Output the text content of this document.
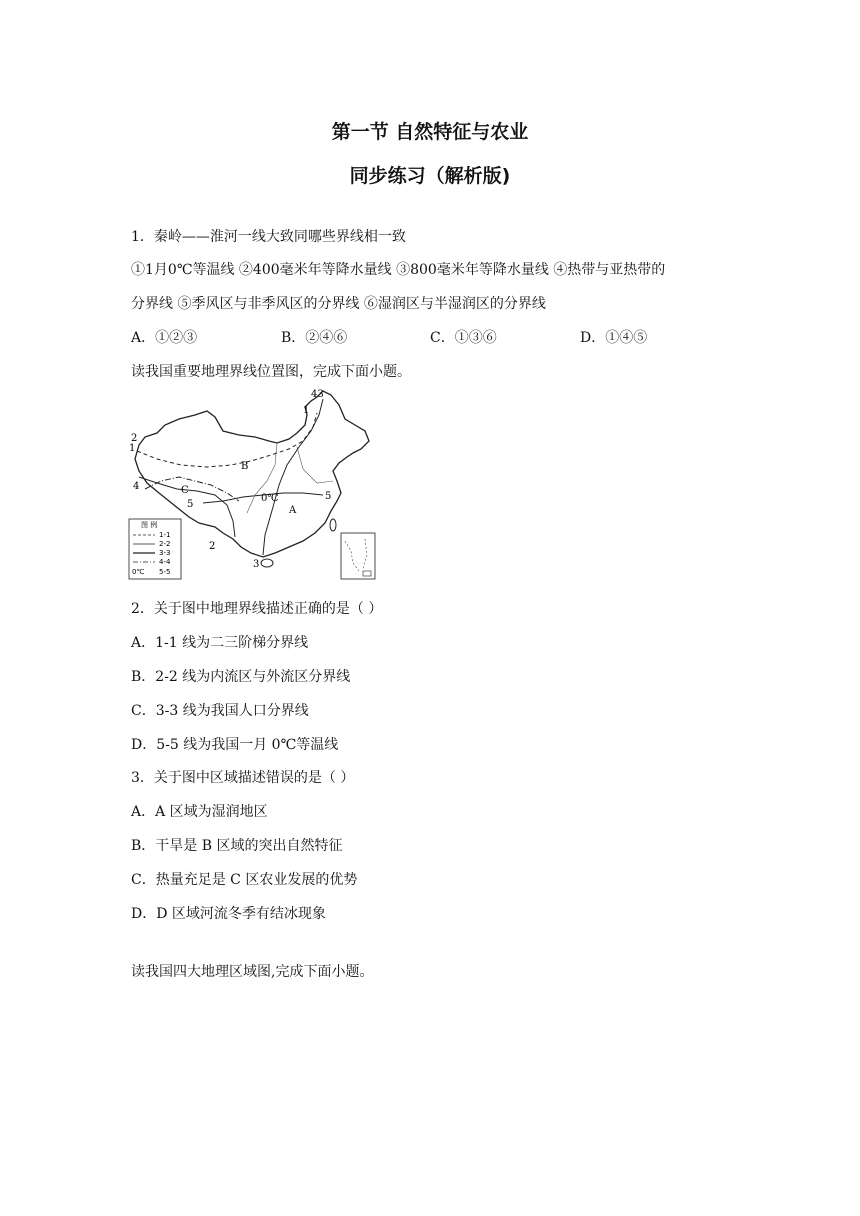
第一节 自然特征与农业
同步练习（解析版)
1．秦岭——淮河一线大致同哪些界线相一致
①1月0℃等温线 ②400毫米年等降水量线 ③800毫米年等降水量线 ④热带与亚热带的
分界线 ⑤季风区与非季风区的分界线 ⑥湿润区与半湿润区的分界线
A．①②③	B．②④⑥	C．①③⑥	D．①④⑤
读我国重要地理界线位置图，完成下面小题。
43
1
2
1
4
5
2
3
5
B
C
A
0℃
图 例
1-1
2-2
3-3
4-4
0℃ 5-5
2．关于图中地理界线描述正确的是（ ）
A．1-1 线为二三阶梯分界线
B．2-2 线为内流区与外流区分界线
C．3-3 线为我国人口分界线
D．5-5 线为我国一月 0℃等温线
3．关于图中区域描述错误的是（ ）
A．A 区域为湿润地区
B．干旱是 B 区域的突出自然特征
C．热量充足是 C 区农业发展的优势
D．D 区域河流冬季有结冰现象
读我国四大地理区域图,完成下面小题。
